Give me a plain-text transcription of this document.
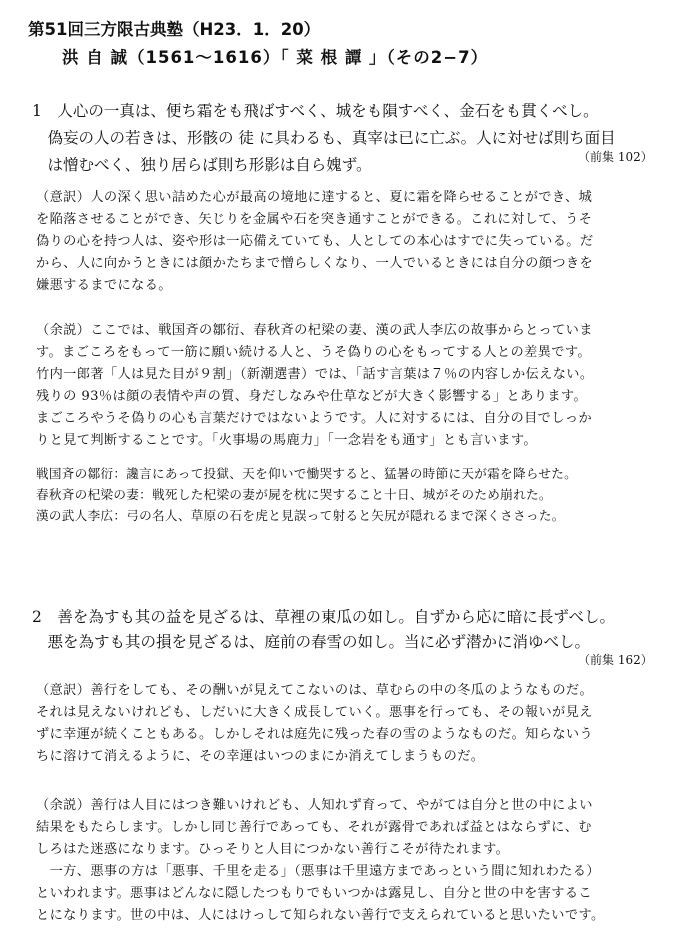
第51回三方限古典塾（H23．1．20）
洪 自 誠（1561〜1616）「 菜 根 譚 」（その2−7）
1　人心の一真は、便ち霜をも飛ばすべく、城をも隕すべく、金石をも貫くべし。
　偽妄の人の若きは、形骸の 徒 に具わるも、真宰は已に亡ぶ。人に対せば則ち面目
　は憎むべく、独り居らば則ち形影は自ら媿ず。	（前集 102）
（意訳）人の深く思い詰めた心が最高の境地に達すると、夏に霜を降らせることができ、城
を陥落させることができ、矢じりを金属や石を突き通すことができる。これに対して、うそ
偽りの心を持つ人は、姿や形は一応備えていても、人としての本心はすでに失っている。だ
から、人に向かうときには顔かたちまで憎らしくなり、一人でいるときには自分の顔つきを
嫌悪するまでになる。
（余説）ここでは、戦国斉の鄒衍、春秋斉の杞梁の妻、漢の武人李広の故事からとっていま
す。まごころをもって一筋に願い続ける人と、うそ偽りの心をもってする人との差異です。
竹内一郎著「人は見た目が９割」（新潮選書）では、「話す言葉は７％の内容しか伝えない。
残りの 93％は顔の表情や声の質、身だしなみや仕草などが大きく影響する」とあります。
まごころやうそ偽りの心も言葉だけではないようです。人に対するには、自分の目でしっか
りと見て判断することです。「火事場の馬鹿力」「一念岩をも通す」とも言います。
戦国斉の鄒衍：讒言にあって投獄、天を仰いで慟哭すると、猛暑の時節に天が霜を降らせた。
春秋斉の杞梁の妻：戦死した杞梁の妻が屍を枕に哭すること十日、城がそのため崩れた。
漢の武人李広：弓の名人、草原の石を虎と見誤って射ると矢尻が隠れるまで深くささった。
2　善を為すも其の益を見ざるは、草裡の東瓜の如し。自ずから応に暗に長ずべし。
　悪を為すも其の損を見ざるは、庭前の春雪の如し。当に必ず潜かに消ゆべし。
（前集 162）
（意訳）善行をしても、その酬いが見えてこないのは、草むらの中の冬瓜のようなものだ。
それは見えないけれども、しだいに大きく成長していく。悪事を行っても、その報いが見え
ずに幸運が続くこともある。しかしそれは庭先に残った春の雪のようなものだ。知らないう
ちに溶けて消えるように、その幸運はいつのまにか消えてしまうものだ。
（余説）善行は人目にはつき難いけれども、人知れず育って、やがては自分と世の中によい
結果をもたらします。しかし同じ善行であっても、それが露骨であれば益とはならずに、む
しろはた迷惑になります。ひっそりと人目につかない善行こそが待たれます。
　一方、悪事の方は「悪事、千里を走る」（悪事は千里遠方まであっという間に知れわたる）
といわれます。悪事はどんなに隠したつもりでもいつかは露見し、自分と世の中を害するこ
とになります。世の中は、人にはけっして知られない善行で支えられていると思いたいです。
